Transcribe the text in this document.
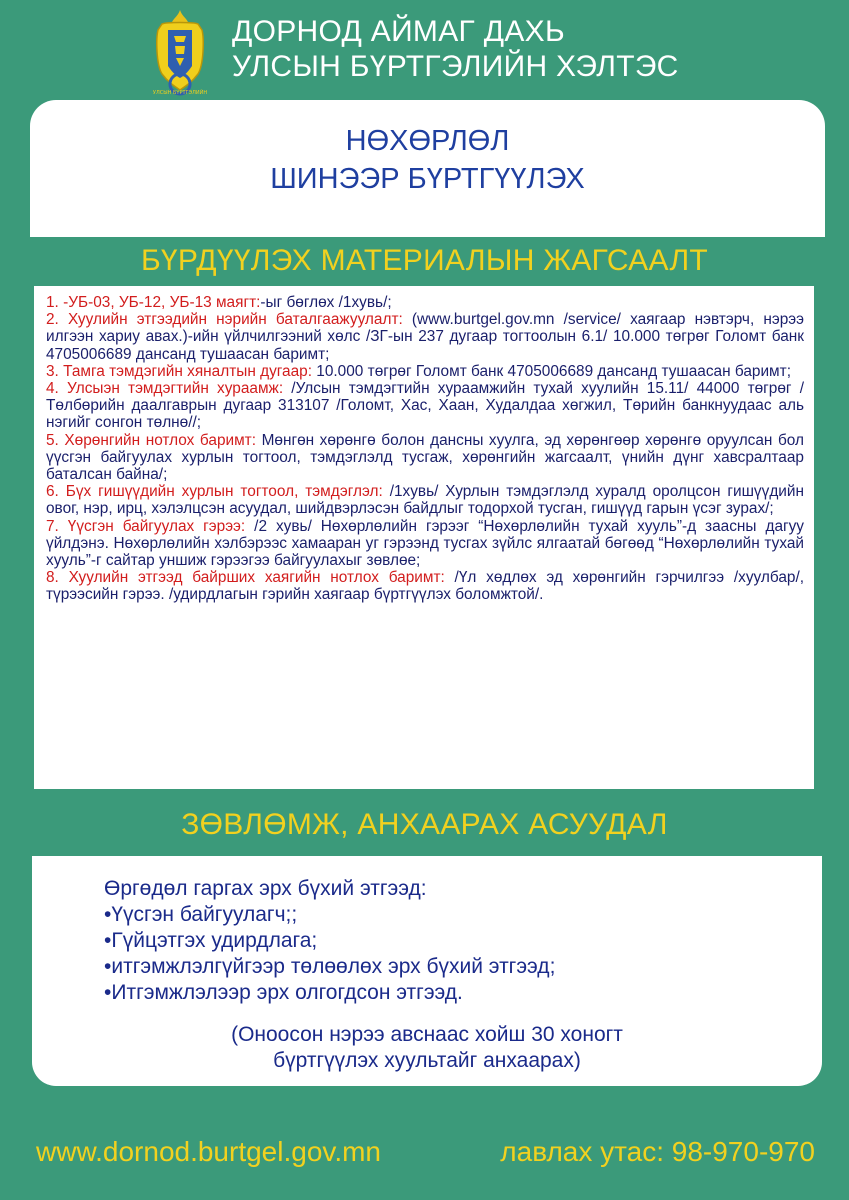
УЛСЫН БҮРТГЭЛИЙН
ДОРНОД АЙМАГ ДАХЬ
УЛСЫН БҮРТГЭЛИЙН ХЭЛТЭС
НӨХӨРЛӨЛ
ШИНЭЭР БҮРТГҮҮЛЭХ
БҮРДҮҮЛЭХ МАТЕРИАЛЫН ЖАГСААЛТ
1. -УБ-03, УБ-12, УБ-13 маягт:-ыг бөглөх /1хувь/;
2. Хуулийн этгээдийн нэрийн баталгаажуулалт: (www.burtgel.gov.mn /service/ хаягаар нэвтэрч, нэрээ илгээн хариу авах.)-ийн үйлчилгээний хөлс /ЗГ-ын 237 дугаар тогтоолын 6.1/ 10.000 төгрөг Голомт банк 4705006689 дансанд тушаасан баримт;
3. Тамга тэмдэгийн хяналтын дугаар: 10.000 төгрөг Голомт банк 4705006689 дансанд тушаасан баримт;
4. Улсыэн тэмдэгтийн хураамж: /Улсын тэмдэгтийн хураамжийн тухай хуулийн 15.11/ 44000 төгрөг /Төлбөрийн даалгаврын дугаар 313107 /Голомт, Хас, Хаан, Худалдаа хөгжил, Төрийн банкнуудаас аль нэгийг сонгон төлнө//;
5. Хөрөнгийн нотлох баримт: Мөнгөн хөрөнгө болон дансны хуулга, эд хөрөнгөөр хөрөнгө оруулсан бол үүсгэн байгуулах хурлын тогтоол, тэмдэглэлд тусгаж, хөрөнгийн жагсаалт, үнийн дүнг хавсралтаар баталсан байна/;
6. Бүх гишүүдийн хурлын тогтоол, тэмдэглэл: /1хувь/ Хурлын тэмдэглэлд хуралд оролцсон гишүүдийн овог, нэр, ирц, хэлэлцсэн асуудал, шийдвэрлэсэн байдлыг тодорхой тусган, гишүүд гарын үсэг зурах/;
7. Үүсгэн байгуулах гэрээ: /2 хувь/ Нөхөрлөлийн гэрээг “Нөхөрлөлийн тухай хууль”-д заасны дагуу үйлдэнэ. Нөхөрлөлийн хэлбэрээс хамааран уг гэрээнд тусгах зүйлс ялгаатай бөгөөд “Нөхөрлөлийн тухай хууль”-г сайтар уншиж гэрээгээ байгуулахыг зөвлөе;
8. Хуулийн этгээд байрших хаягийн нотлох баримт: /Үл хөдлөх эд хөрөнгийн гэрчилгээ /хуулбар/, түрээсийн гэрээ. /удирдлагын гэрийн хаягаар бүртгүүлэх боломжтой/.
ЗӨВЛӨМЖ, АНХААРАХ АСУУДАЛ
Өргөдөл гаргах эрх бүхий этгээд:
•Үүсгэн байгуулагч;;
•Гүйцэтгэх удирдлага;
•итгэмжлэлгүйгээр төлөөлөх эрх бүхий этгээд;
•Итгэмжлэлээр эрх олгогдсон этгээд.
(Оноосон нэрээ авснаас хойш 30 хоногт
бүртгүүлэх хуультайг анхаарах)
www.dornod.burtgel.gov.mn	лавлах утас: 98-970-970
